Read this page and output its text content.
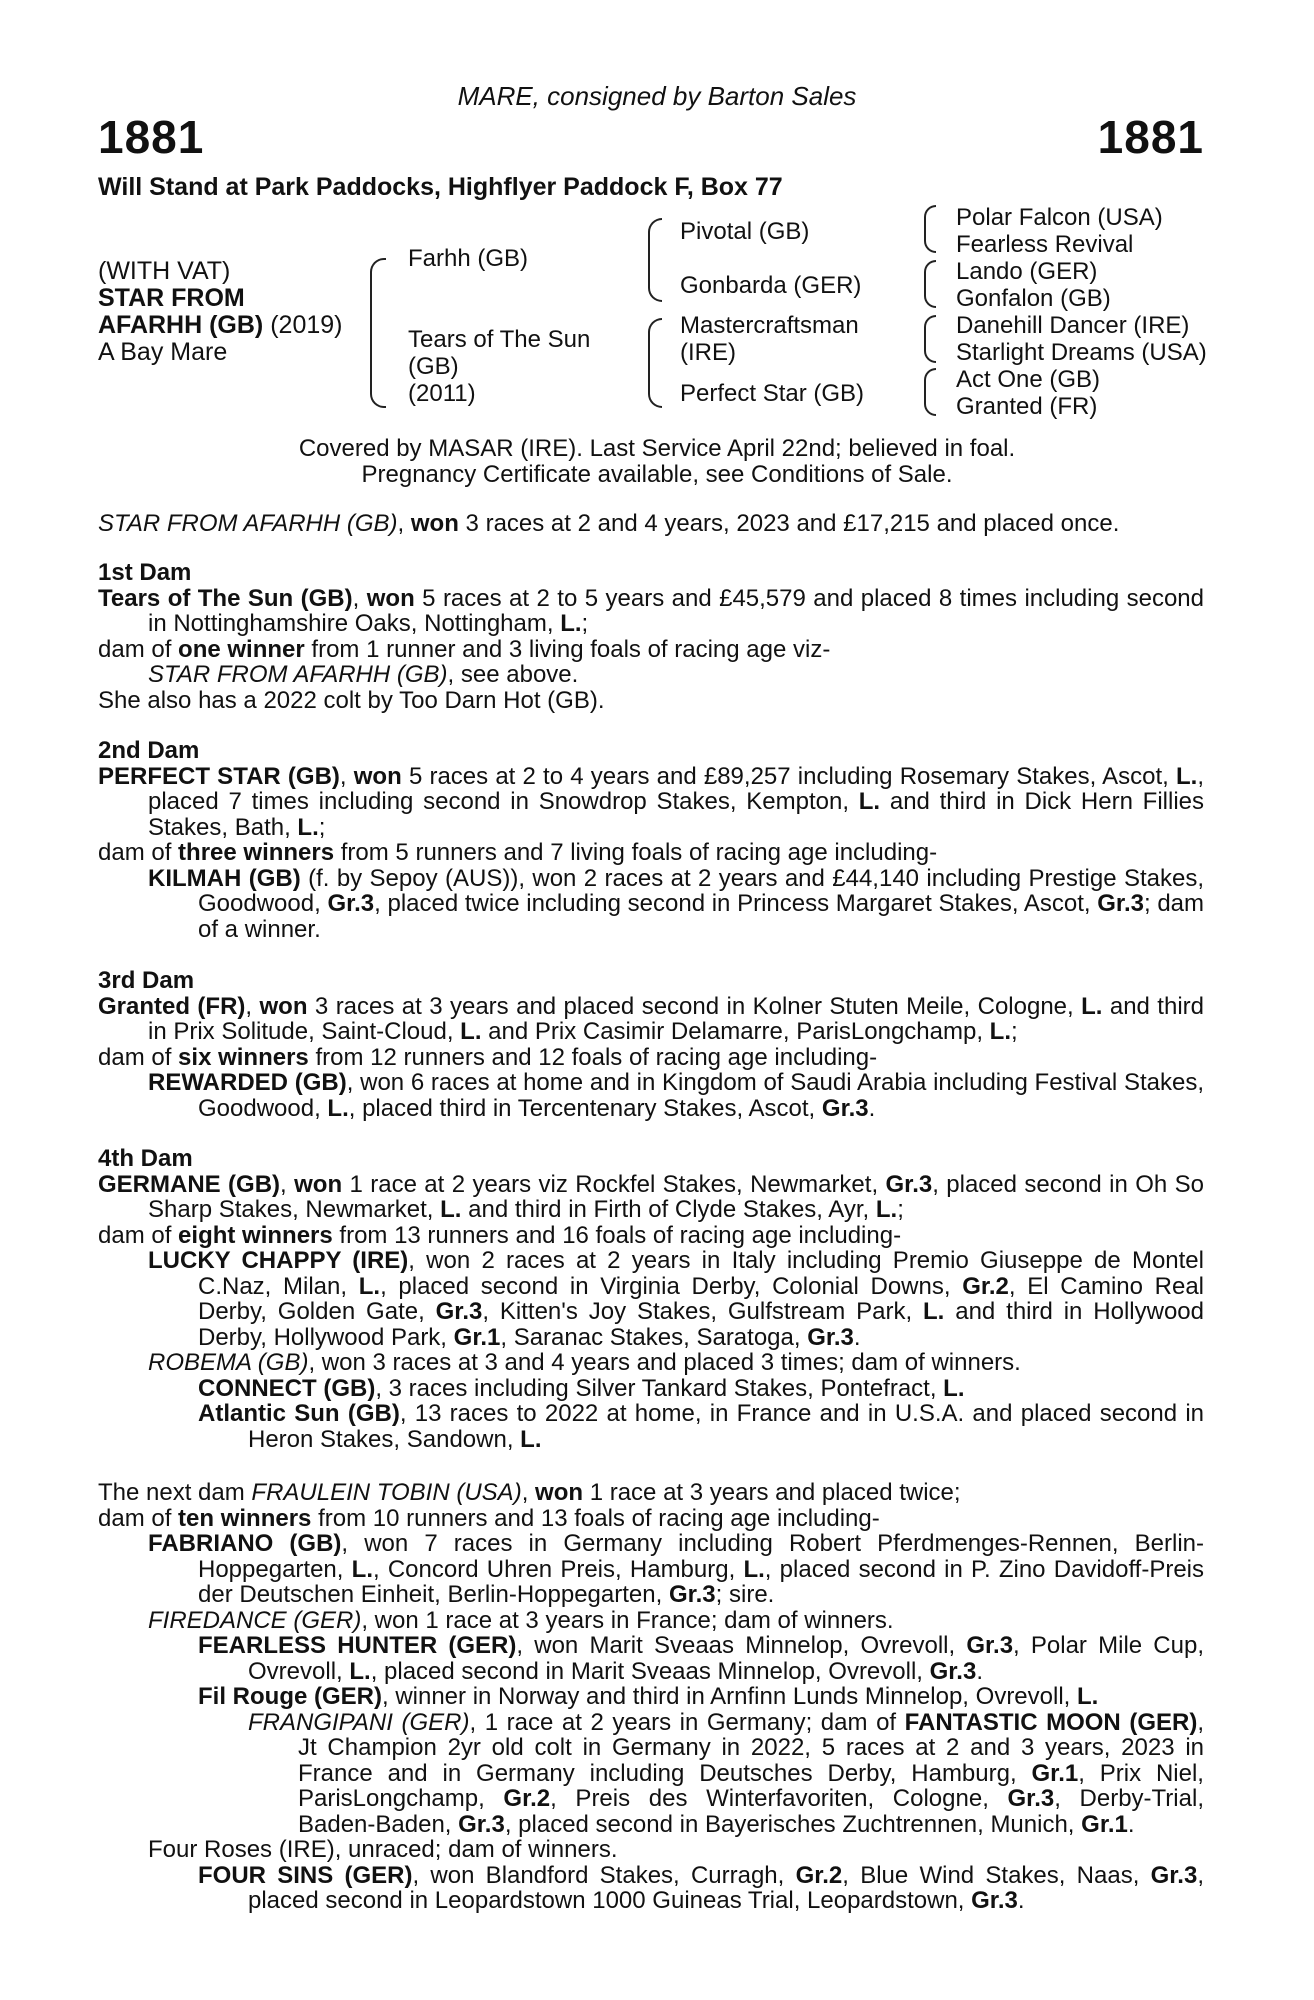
1881	1881
MARE, consigned by Barton Sales
Will Stand at Park Paddocks, Highflyer Paddock F, Box 77
(WITH VAT)
STAR FROM
AFARHH (GB) (2019)
A Bay Mare
Farhh (GB)
Tears of The Sun
(GB)
(2011)
Pivotal (GB)
Gonbarda (GER)
Mastercraftsman
(IRE)
Perfect Star (GB)
Polar Falcon (USA)
Fearless Revival
Lando (GER)
Gonfalon (GB)
Danehill Dancer (IRE)
Starlight Dreams (USA)
Act One (GB)
Granted (FR)
Covered by MASAR (IRE). Last Service April 22nd; believed in foal.
Pregnancy Certificate available, see Conditions of Sale.

STAR FROM AFARHH (GB), won 3 races at 2 and 4 years, 2023 and £17,215 and placed once.

1st Dam

Tears of The Sun (GB), won 5 races at 2 to 5 years and £45,579 and placed 8 times including second in Nottinghamshire Oaks, Nottingham, L.;

dam of one winner from 1 runner and 3 living foals of racing age viz-

STAR FROM AFARHH (GB), see above.

She also has a 2022 colt by Too Darn Hot (GB).

2nd Dam

PERFECT STAR (GB), won 5 races at 2 to 4 years and £89,257 including Rosemary Stakes, Ascot, L., placed 7 times including second in Snowdrop Stakes, Kempton, L. and third in Dick Hern Fillies Stakes, Bath, L.;

dam of three winners from 5 runners and 7 living foals of racing age including-

KILMAH (GB) (f. by Sepoy (AUS)), won 2 races at 2 years and £44,140 including Prestige Stakes, Goodwood, Gr.3, placed twice including second in Princess Margaret Stakes, Ascot, Gr.3; dam of a winner.

3rd Dam

Granted (FR), won 3 races at 3 years and placed second in Kolner Stuten Meile, Cologne, L. and third in Prix Solitude, Saint-Cloud, L. and Prix Casimir Delamarre, ParisLongchamp, L.;

dam of six winners from 12 runners and 12 foals of racing age including-

REWARDED (GB), won 6 races at home and in Kingdom of Saudi Arabia including Festival Stakes, Goodwood, L., placed third in Tercentenary Stakes, Ascot, Gr.3.

4th Dam

GERMANE (GB), won 1 race at 2 years viz Rockfel Stakes, Newmarket, Gr.3, placed second in Oh So Sharp Stakes, Newmarket, L. and third in Firth of Clyde Stakes, Ayr, L.;

dam of eight winners from 13 runners and 16 foals of racing age including-

LUCKY CHAPPY (IRE), won 2 races at 2 years in Italy including Premio Giuseppe de Montel C.Naz, Milan, L., placed second in Virginia Derby, Colonial Downs, Gr.2, El Camino Real Derby, Golden Gate, Gr.3, Kitten's Joy Stakes, Gulfstream Park, L. and third in Hollywood Derby, Hollywood Park, Gr.1, Saranac Stakes, Saratoga, Gr.3.

ROBEMA (GB), won 3 races at 3 and 4 years and placed 3 times; dam of winners.

CONNECT (GB), 3 races including Silver Tankard Stakes, Pontefract, L.

Atlantic Sun (GB), 13 races to 2022 at home, in France and in U.S.A. and placed second in Heron Stakes, Sandown, L.

The next dam FRAULEIN TOBIN (USA), won 1 race at 3 years and placed twice;

dam of ten winners from 10 runners and 13 foals of racing age including-

FABRIANO (GB), won 7 races in Germany including Robert Pferdmenges-Rennen, Berlin-Hoppegarten, L., Concord Uhren Preis, Hamburg, L., placed second in P. Zino Davidoff-Preis der Deutschen Einheit, Berlin-Hoppegarten, Gr.3; sire.

FIREDANCE (GER), won 1 race at 3 years in France; dam of winners.

FEARLESS HUNTER (GER), won Marit Sveaas Minnelop, Ovrevoll, Gr.3, Polar Mile Cup, Ovrevoll, L., placed second in Marit Sveaas Minnelop, Ovrevoll, Gr.3.

Fil Rouge (GER), winner in Norway and third in Arnfinn Lunds Minnelop, Ovrevoll, L.

FRANGIPANI (GER), 1 race at 2 years in Germany; dam of FANTASTIC MOON (GER), Jt Champion 2yr old colt in Germany in 2022, 5 races at 2 and 3 years, 2023 in France and in Germany including Deutsches Derby, Hamburg, Gr.1, Prix Niel, ParisLongchamp, Gr.2, Preis des Winterfavoriten, Cologne, Gr.3, Derby-Trial, Baden-Baden, Gr.3, placed second in Bayerisches Zuchtrennen, Munich, Gr.1.

Four Roses (IRE), unraced; dam of winners.

FOUR SINS (GER), won Blandford Stakes, Curragh, Gr.2, Blue Wind Stakes, Naas, Gr.3, placed second in Leopardstown 1000 Guineas Trial, Leopardstown, Gr.3.
